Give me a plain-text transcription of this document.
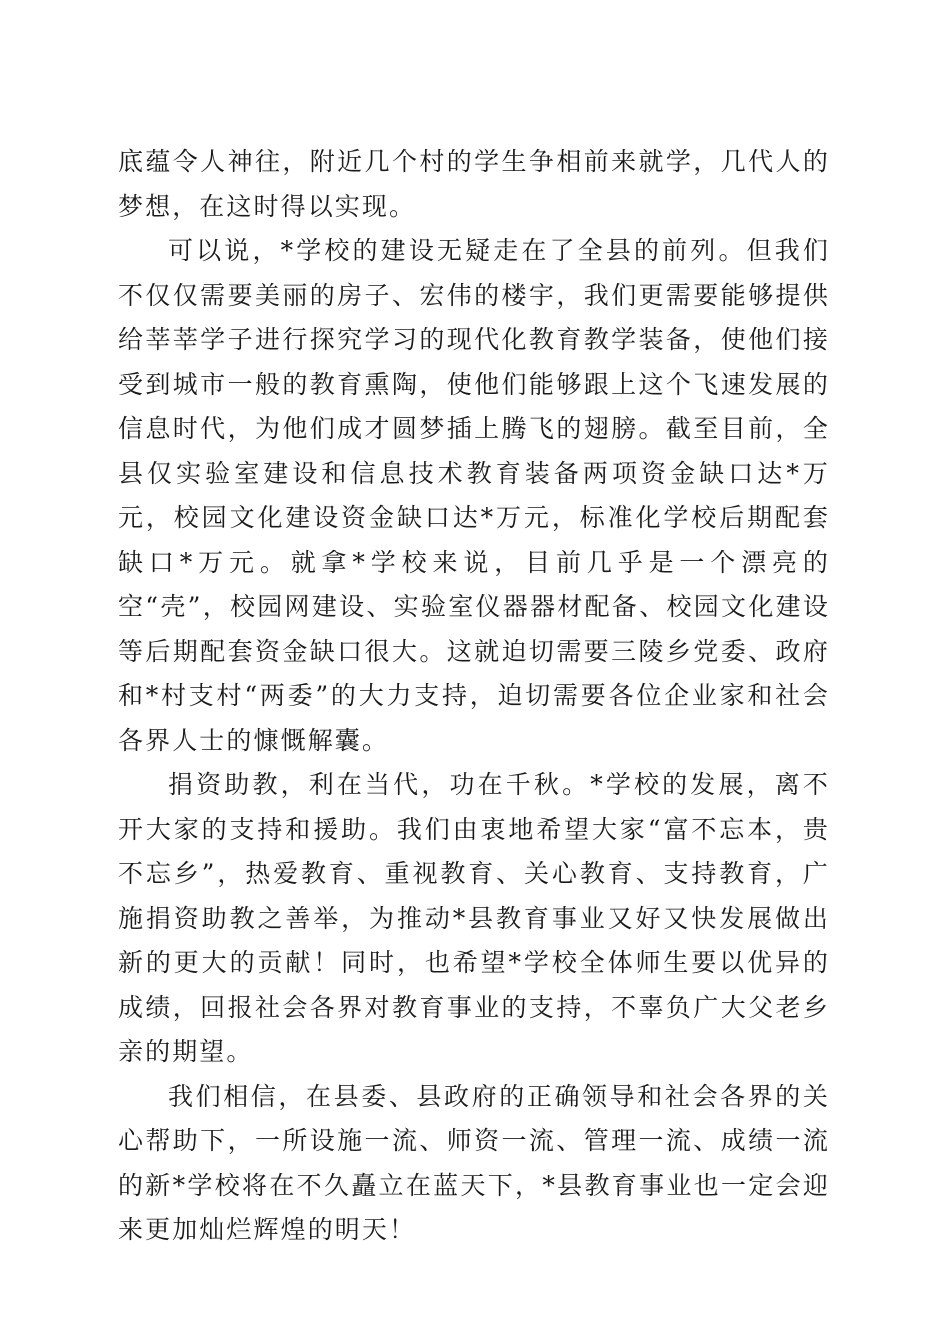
底蕴令人神往，附近几个村的学生争相前来就学，几代人的梦想，在这时得以实现。

可以说，*学校的建设无疑走在了全县的前列。但我们不仅仅需要美丽的房子、宏伟的楼宇，我们更需要能够提供给莘莘学子进行探究学习的现代化教育教学装备，使他们接受到城市一般的教育熏陶，使他们能够跟上这个飞速发展的信息时代，为他们成才圆梦插上腾飞的翅膀。截至目前，全县仅实验室建设和信息技术教育装备两项资金缺口达*万元，校园文化建设资金缺口达*万元，标准化学校后期配套缺口*万元。就拿*学校来说，目前几乎是一个漂亮的空“壳”，校园网建设、实验室仪器器材配备、校园文化建设等后期配套资金缺口很大。这就迫切需要三陵乡党委、政府和*村支村“两委”的大力支持，迫切需要各位企业家和社会各界人士的慷慨解囊。

捐资助教，利在当代，功在千秋。*学校的发展，离不开大家的支持和援助。我们由衷地希望大家“富不忘本，贵不忘乡”，热爱教育、重视教育、关心教育、支持教育，广施捐资助教之善举，为推动*县教育事业又好又快发展做出新的更大的贡献！同时，也希望*学校全体师生要以优异的成绩，回报社会各界对教育事业的支持，不辜负广大父老乡亲的期望。

我们相信，在县委、县政府的正确领导和社会各界的关心帮助下，一所设施一流、师资一流、管理一流、成绩一流的新*学校将在不久矗立在蓝天下，*县教育事业也一定会迎来更加灿烂辉煌的明天！
